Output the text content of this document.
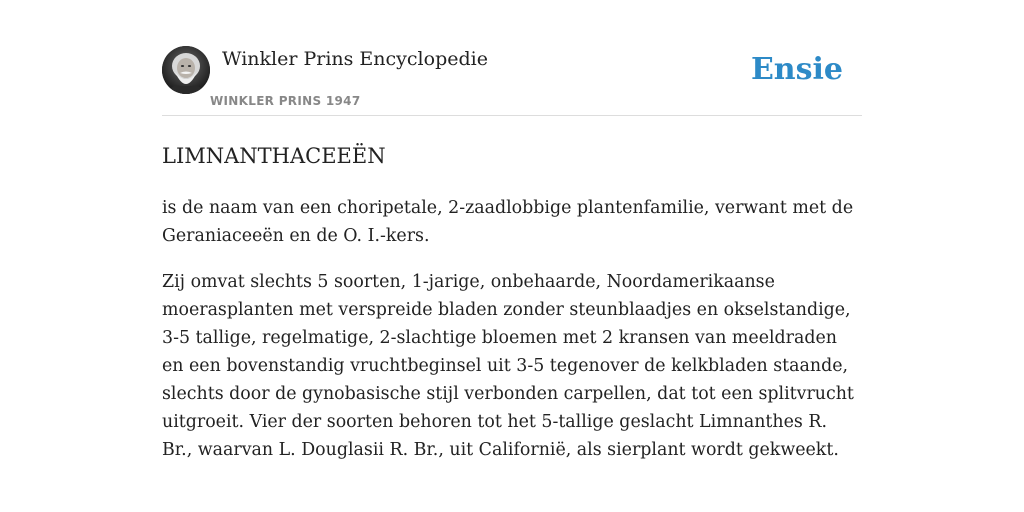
Winkler Prins Encyclopedie
WINKLER PRINS 1947
Ensie
LIMNANTHACEEËN

is de naam van een choripetale, 2-zaadlobbige plantenfamilie, verwant met de Geraniaceeën en de O. I.-kers.

Zij omvat slechts 5 soorten, 1-jarige, onbehaarde, Noordamerikaanse moerasplanten met verspreide bladen zonder steunblaadjes en okselstandige, 3-5 tallige, regelmatige, 2-slachtige bloemen met 2 kransen van meeldraden en een bovenstandig vruchtbeginsel uit 3-5 tegenover de kelkbladen staande, slechts door de gynobasische stijl verbonden carpellen, dat tot een splitvrucht uitgroeit. Vier der soorten behoren tot het 5-tallige geslacht Limnanthes R. Br., waarvan L. Douglasii R. Br., uit Californië, als sierplant wordt gekweekt.
